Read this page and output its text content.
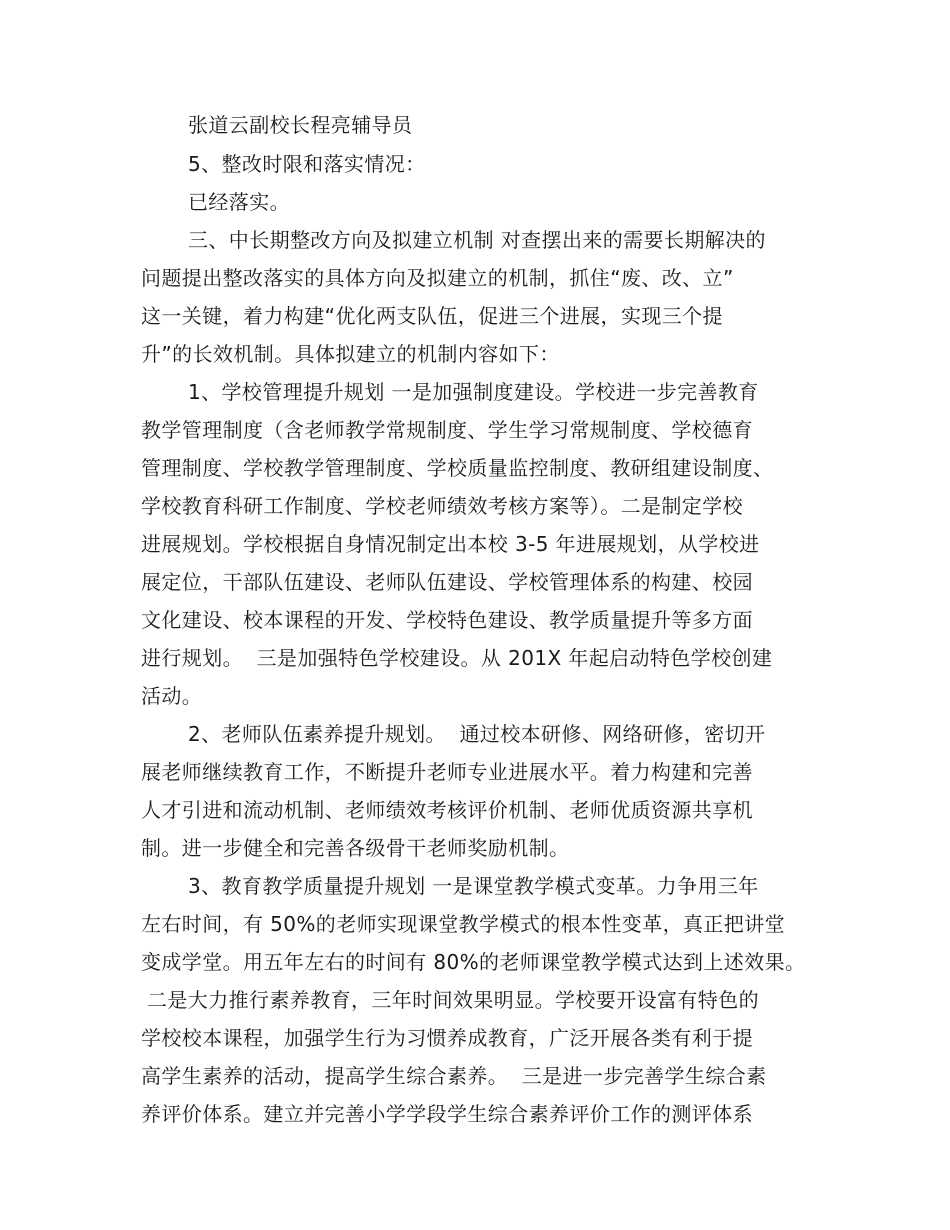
张道云副校长程亮辅导员
5、整改时限和落实情况：
已经落实。
三、中长期整改方向及拟建立机制 对查摆出来的需要长期解决的
问题提出整改落实的具体方向及拟建立的机制，抓住“废、改、立”
这一关键，着力构建“优化两支队伍，促进三个进展，实现三个提
升”的长效机制。具体拟建立的机制内容如下：
1、学校管理提升规划 一是加强制度建设。学校进一步完善教育
教学管理制度（含老师教学常规制度、学生学习常规制度、学校德育
管理制度、学校教学管理制度、学校质量监控制度、教研组建设制度、
学校教育科研工作制度、学校老师绩效考核方案等）。二是制定学校
进展规划。学校根据自身情况制定出本校 3-5 年进展规划，从学校进
展定位，干部队伍建设、老师队伍建设、学校管理体系的构建、校园
文化建设、校本课程的开发、学校特色建设、教学质量提升等多方面
进行规划。  三是加强特色学校建设。从 201X 年起启动特色学校创建
活动。
2、老师队伍素养提升规划。  通过校本研修、网络研修，密切开
展老师继续教育工作，不断提升老师专业进展水平。着力构建和完善
人才引进和流动机制、老师绩效考核评价机制、老师优质资源共享机
制。进一步健全和完善各级骨干老师奖励机制。
3、教育教学质量提升规划 一是课堂教学模式变革。力争用三年
左右时间，有 50%的老师实现课堂教学模式的根本性变革，真正把讲堂
变成学堂。用五年左右的时间有 80%的老师课堂教学模式达到上述效果。
二是大力推行素养教育，三年时间效果明显。学校要开设富有特色的
学校校本课程，加强学生行为习惯养成教育，广泛开展各类有利于提
高学生素养的活动，提高学生综合素养。  三是进一步完善学生综合素
养评价体系。建立并完善小学学段学生综合素养评价工作的测评体系
